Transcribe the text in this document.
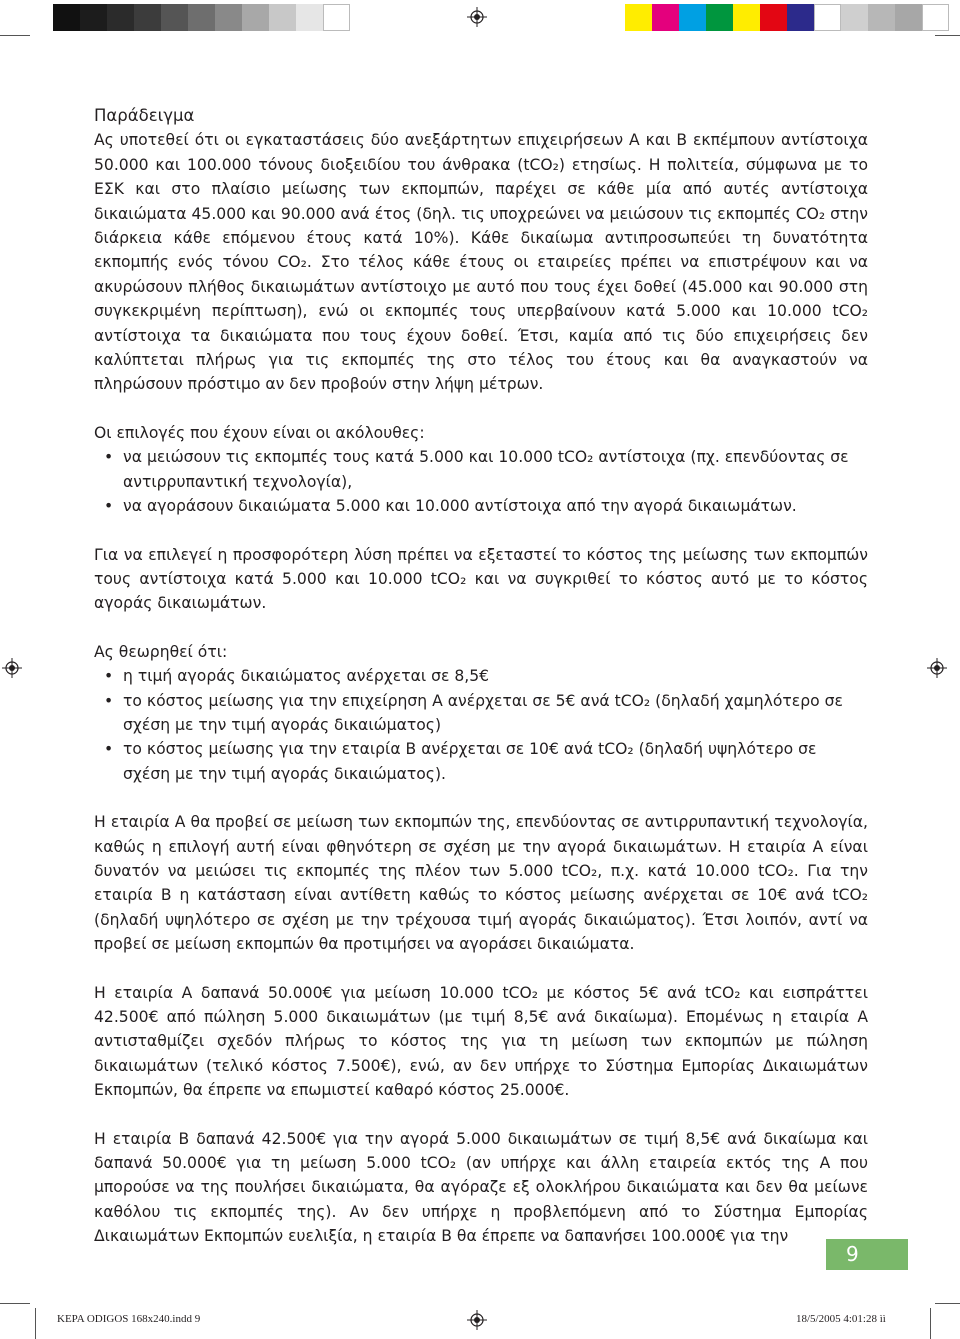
Παράδειγμα

Ας υποτεθεί ότι οι εγκαταστάσεις δύο ανεξάρτητων επιχειρήσεων Α και Β εκπέμπουν αντίστοιχα 50.000 και 100.000 τόνους διοξειδίου του άνθρακα (tCO₂) ετησίως. Η πολιτεία, σύμφωνα με το ΕΣΚ και στο πλαίσιο μείωσης των εκπομπών, παρέχει σε κάθε μία από αυτές αντίστοιχα δικαιώματα 45.000 και 90.000 ανά έτος (δηλ. τις υποχρεώνει να μειώσουν τις εκπομπές CO₂ στην διάρκεια κάθε επόμενου έτους κατά 10%). Κάθε δικαίωμα αντιπροσωπεύει τη δυνατότητα εκπομπής ενός τόνου CO₂. Στο τέλος κάθε έτους οι εταιρείες πρέπει να επιστρέψουν και να ακυρώσουν πλήθος δικαιωμάτων αντίστοιχο με αυτό που τους έχει δοθεί (45.000 και 90.000 στη συγκεκριμένη περίπτωση), ενώ οι εκπομπές τους υπερβαίνουν κατά 5.000 και 10.000 tCO₂ αντίστοιχα τα δικαιώματα που τους έχουν δοθεί. Έτσι, καμία από τις δύο επιχειρήσεις δεν καλύπτεται πλήρως για τις εκπομπές της στο τέλος του έτους και θα αναγκαστούν να πληρώσουν πρόστιμο αν δεν προβούν στην λήψη μέτρων.

Οι επιλογές που έχουν είναι οι ακόλουθες:

• να μειώσουν τις εκπομπές τους κατά 5.000 και 10.000 tCO₂ αντίστοιχα (πχ. επενδύοντας σε αντιρρυπαντική τεχνολογία),
• να αγοράσουν δικαιώματα 5.000 και 10.000 αντίστοιχα από την αγορά δικαιωμάτων.

Για να επιλεγεί η προσφορότερη λύση πρέπει να εξεταστεί το κόστος της μείωσης των εκπομπών τους αντίστοιχα κατά 5.000 και 10.000 tCO₂ και να συγκριθεί το κόστος αυτό με το κόστος αγοράς δικαιωμάτων.

Ας θεωρηθεί ότι:

• η τιμή αγοράς δικαιώματος ανέρχεται σε 8,5€
• το κόστος μείωσης για την επιχείρηση Α ανέρχεται σε 5€ ανά tCO₂ (δηλαδή χαμηλότερο σε σχέση με την τιμή αγοράς δικαιώματος)
• το κόστος μείωσης για την εταιρία Β ανέρχεται σε 10€ ανά tCO₂ (δηλαδή υψηλότερο σε σχέση με την τιμή αγοράς δικαιώματος).

Η εταιρία Α θα προβεί σε μείωση των εκπομπών της, επενδύοντας σε αντιρρυπαντική τεχνολογία, καθώς η επιλογή αυτή είναι φθηνότερη σε σχέση με την αγορά δικαιωμάτων. Η εταιρία Α είναι δυνατόν να μειώσει τις εκπομπές της πλέον των 5.000 tCO₂, π.χ. κατά 10.000 tCO₂. Για την εταιρία Β η κατάσταση είναι αντίθετη καθώς το κόστος μείωσης ανέρχεται σε 10€ ανά tCO₂ (δηλαδή υψηλότερο σε σχέση με την τρέχουσα τιμή αγοράς δικαιώματος). Έτσι λοιπόν, αντί να προβεί σε μείωση εκπομπών θα προτιμήσει να αγοράσει δικαιώματα.

Η εταιρία Α δαπανά 50.000€ για μείωση 10.000 tCO₂ με κόστος 5€ ανά tCO₂ και εισπράττει 42.500€ από πώληση 5.000 δικαιωμάτων (με τιμή 8,5€ ανά δικαίωμα). Επομένως η εταιρία Α αντισταθμίζει σχεδόν πλήρως το κόστος της για τη μείωση των εκπομπών με πώληση δικαιωμάτων (τελικό κόστος 7.500€), ενώ, αν δεν υπήρχε το Σύστημα Εμπορίας Δικαιωμάτων Εκπομπών, θα έπρεπε να επωμιστεί καθαρό κόστος 25.000€.

Η εταιρία Β δαπανά 42.500€ για την αγορά 5.000 δικαιωμάτων σε τιμή 8,5€ ανά δικαίωμα και δαπανά 50.000€ για τη μείωση 5.000 tCO₂ (αν υπήρχε και άλλη εταιρεία εκτός της Α που μπορούσε να της πουλήσει δικαιώματα, θα αγόραζε εξ ολοκλήρου δικαιώματα και δεν θα μείωνε καθόλου τις εκπομπές της). Αν δεν υπήρχε η προβλεπόμενη από το Σύστημα Εμπορίας Δικαιωμάτων Εκπομπών ευελιξία, η εταιρία Β θα έπρεπε να δαπανήσει 100.000€ για την

9
KEPA ODIGOS 168x240.indd 9	18/5/2005 4:01:28 ìì
